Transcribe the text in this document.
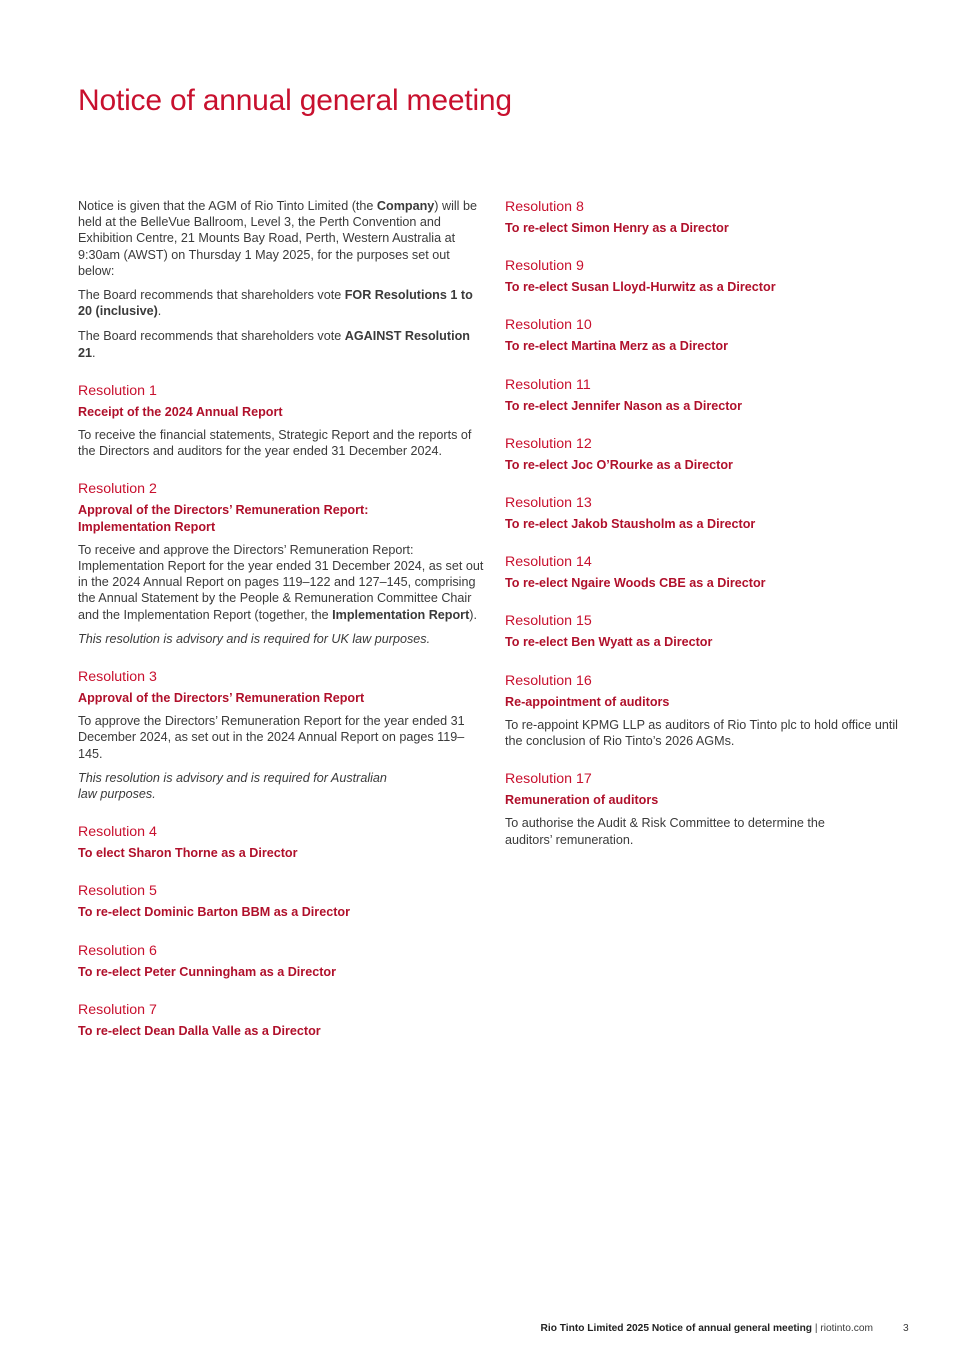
Notice of annual general meeting

Notice is given that the AGM of Rio Tinto Limited (the Company) will be held at the BelleVue Ballroom, Level 3, the Perth Convention and Exhibition Centre, 21 Mounts Bay Road, Perth, Western Australia at 9:30am (AWST) on Thursday 1 May 2025, for the purposes set out below:

The Board recommends that shareholders vote FOR Resolutions 1 to 20 (inclusive).

The Board recommends that shareholders vote AGAINST Resolution 21.

Resolution 1

Receipt of the 2024 Annual Report

To receive the financial statements, Strategic Report and the reports of the Directors and auditors for the year ended 31 December 2024.

Resolution 2

Approval of the Directors’ Remuneration Report: Implementation Report

To receive and approve the Directors’ Remuneration Report: Implementation Report for the year ended 31 December 2024, as set out in the 2024 Annual Report on pages 119–122 and 127–145, comprising the Annual Statement by the People & Remuneration Committee Chair and the Implementation Report (together, the Implementation Report).

This resolution is advisory and is required for UK law purposes.

Resolution 3

Approval of the Directors’ Remuneration Report

To approve the Directors’ Remuneration Report for the year ended 31 December 2024, as set out in the 2024 Annual Report on pages 119–145.

This resolution is advisory and is required for Australian law purposes.

Resolution 4

To elect Sharon Thorne as a Director

Resolution 5

To re-elect Dominic Barton BBM as a Director

Resolution 6

To re-elect Peter Cunningham as a Director

Resolution 7

To re-elect Dean Dalla Valle as a Director

Resolution 8

To re-elect Simon Henry as a Director

Resolution 9

To re-elect Susan Lloyd-Hurwitz as a Director

Resolution 10

To re-elect Martina Merz as a Director

Resolution 11

To re-elect Jennifer Nason as a Director

Resolution 12

To re-elect Joc O’Rourke as a Director

Resolution 13

To re-elect Jakob Stausholm as a Director

Resolution 14

To re-elect Ngaire Woods CBE as a Director

Resolution 15

To re-elect Ben Wyatt as a Director

Resolution 16

Re-appointment of auditors

To re-appoint KPMG LLP as auditors of Rio Tinto plc to hold office until the conclusion of Rio Tinto’s 2026 AGMs.

Resolution 17

Remuneration of auditors

To authorise the Audit & Risk Committee to determine the auditors’ remuneration.

Rio Tinto Limited 2025 Notice of annual general meeting | riotinto.com	3
